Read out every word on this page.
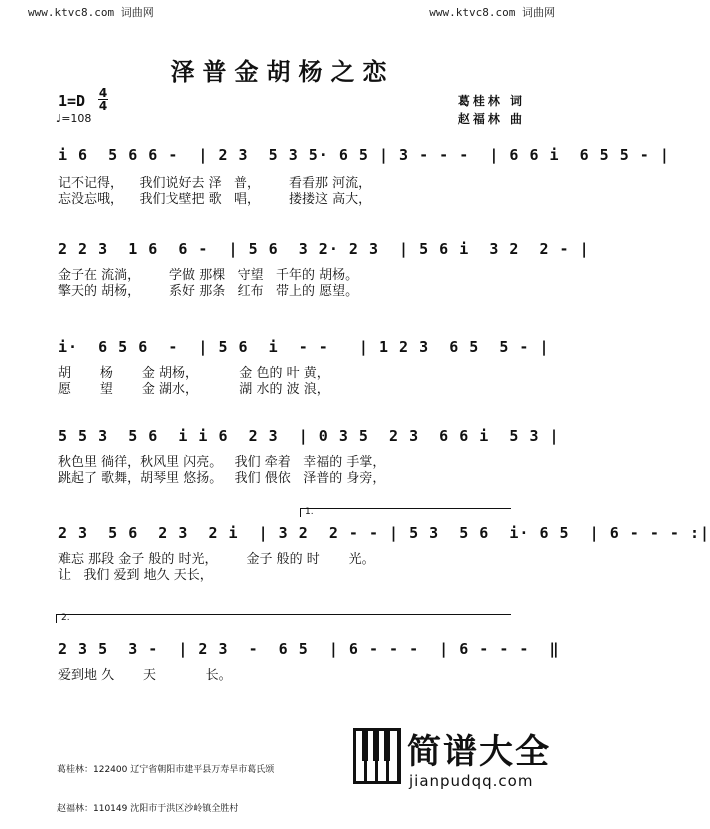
www.ktvc8.com 词曲网	www.ktvc8.com 词曲网
泽普金胡杨之恋
1=D 4
4
♩=108
葛桂林 词
赵福林 曲
i 6  5 6 6 -  | 2 3  5 3 5· 6 5 | 3 - - -  | 6 6 i  6 5 5 - |
记不记得，    我们说好去 泽   普，       看看那 河流，
忘没忘哦，    我们戈壁把 歌   唱，       搂搂这 高大，
2 2 3  1 6  6 -  | 5 6  3 2· 2 3  | 5 6 i  3 2  2 - |
金子在 流淌，       学做 那棵   守望   千年的 胡杨。
擎天的 胡杨，       系好 那条   红布   带上的 愿望。
i·  6 5 6  -  | 5 6  i  - -   | 1 2 3  6 5  5 - |
胡       杨       金 胡杨，          金 色的 叶 黄，
愿       望       金 湖水，          湖 水的 波 浪，
5 5 3  5 6  i i 6  2 3  | 0 3 5  2 3  6 6 i  5 3 |
秋色里 徜徉，秋风里 闪亮。   我们 牵着   幸福的 手掌，
跳起了 歌舞，胡琴里 悠扬。   我们 偎依   泽普的 身旁，
1.
2 3  5 6  2 3  2 i  | 3 2  2 - - | 5 3  5 6  i· 6 5  | 6 - - - :|
难忘 那段 金子 般的 时光，       金子 般的 时       光。
让   我们 爱到 地久 天长，
2.
2 3 5  3 -  | 2 3  -  6 5  | 6 - - -  | 6 - - -  ‖
爱到地 久       天            长。

葛桂林：122400 辽宁省朝阳市建平县万寿旱市葛氏颂

赵福林：110149 沈阳市于洪区沙岭镇全胜村

简谱大全
jianpudqq.com
